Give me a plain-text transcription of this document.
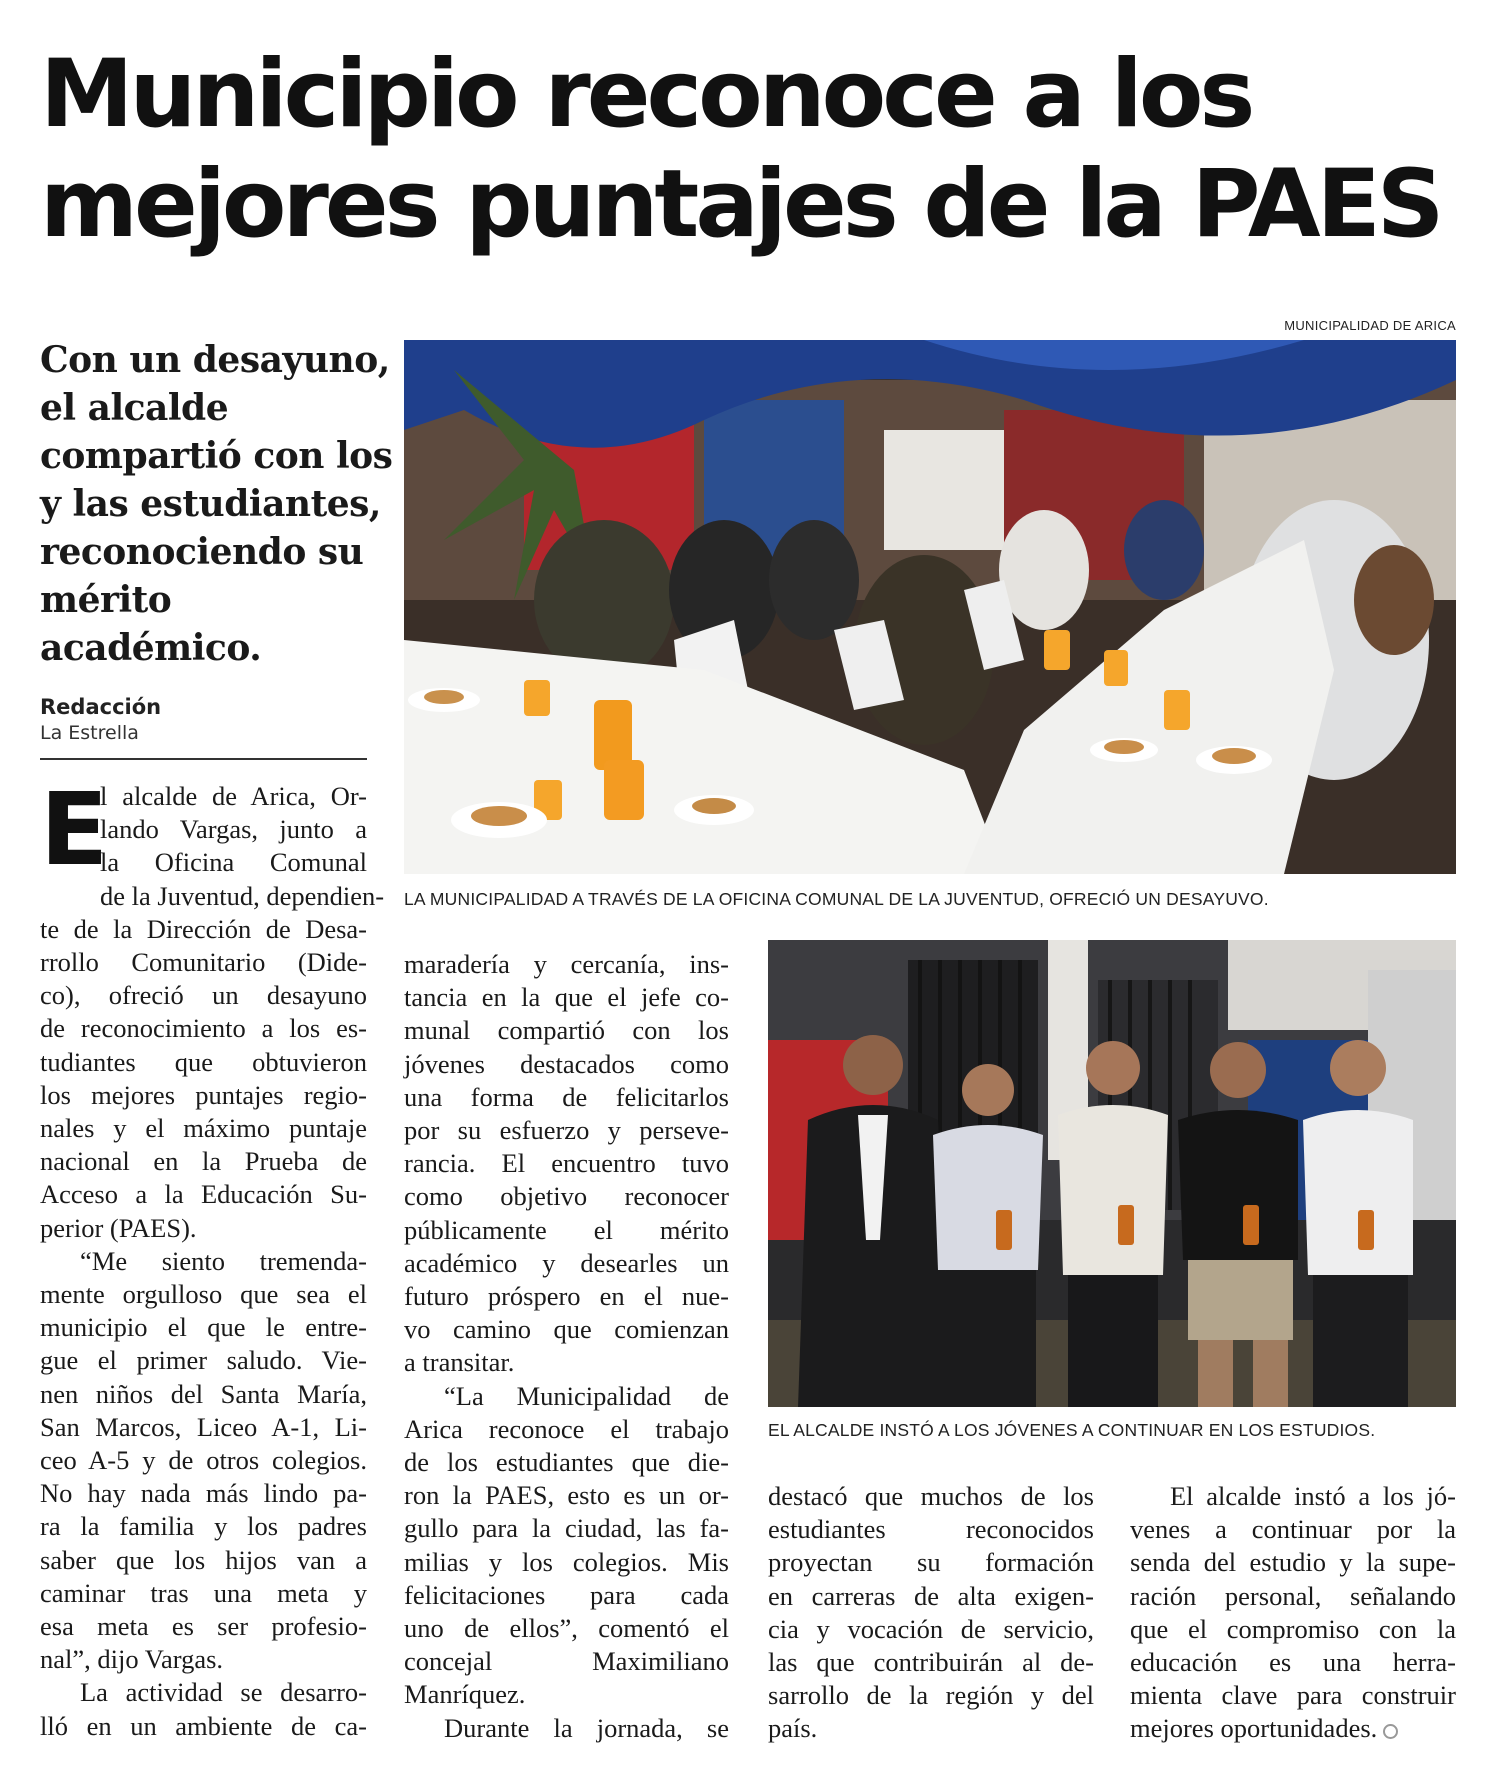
Municipio reconoce a los
mejores puntajes de la PAES
MUNICIPALIDAD DE ARICA
Con un desayuno,
el alcalde
compartió con los
y las estudiantes,
reconociendo su
mérito
académico.
Redacción
La Estrella
LA MUNICIPALIDAD A TRAVÉS DE LA OFICINA COMUNAL DE LA JUVENTUD, OFRECIÓ UN DESAYUVO.
EL ALCALDE INSTÓ A LOS JÓVENES A CONTINUAR EN LOS ESTUDIOS.
E
l alcalde de Arica, Or-
lando Vargas, junto a
la Oficina Comunal
de la Juventud, dependien-
te de la Dirección de Desa-
rrollo Comunitario (Dide-
co), ofreció un desayuno
de reconocimiento a los es-
tudiantes que obtuvieron
los mejores puntajes regio-
nales y el máximo puntaje
nacional en la Prueba de
Acceso a la Educación Su-
perior (PAES).
“Me siento tremenda-
mente orgulloso que sea el
municipio el que le entre-
gue el primer saludo. Vie-
nen niños del Santa María,
San Marcos, Liceo A-1, Li-
ceo A-5 y de otros colegios.
No hay nada más lindo pa-
ra la familia y los padres
saber que los hijos van a
caminar tras una meta y
esa meta es ser profesio-
nal”, dijo Vargas.
La actividad se desarro-
lló en un ambiente de ca-
maradería y cercanía, ins-
tancia en la que el jefe co-
munal compartió con los
jóvenes destacados como
una forma de felicitarlos
por su esfuerzo y perseve-
rancia. El encuentro tuvo
como objetivo reconocer
públicamente el mérito
académico y desearles un
futuro próspero en el nue-
vo camino que comienzan
a transitar.
“La Municipalidad de
Arica reconoce el trabajo
de los estudiantes que die-
ron la PAES, esto es un or-
gullo para la ciudad, las fa-
milias y los colegios. Mis
felicitaciones para cada
uno de ellos”, comentó el
concejal Maximiliano
Manríquez.
Durante la jornada, se
destacó que muchos de los
estudiantes reconocidos
proyectan su formación
en carreras de alta exigen-
cia y vocación de servicio,
las que contribuirán al de-
sarrollo de la región y del
país.
El alcalde instó a los jó-
venes a continuar por la
senda del estudio y la supe-
ración personal, señalando
que el compromiso con la
educación es una herra-
mienta clave para construir
mejores oportunidades.
